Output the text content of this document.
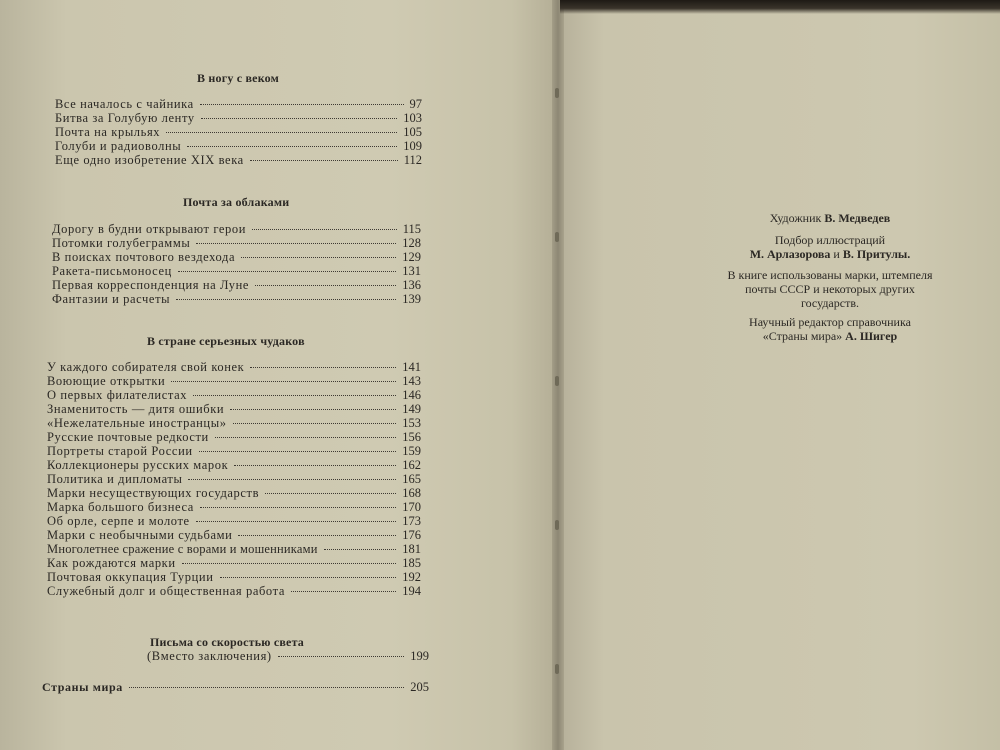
В ногу с веком
Все началось с чайника	97
Битва за Голубую ленту	103
Почта на крыльях	105
Голуби и радиоволны	109
Еще одно изобретение XIX века	112
Почта за облаками
Дорогу в будни открывают герои	115
Потомки голубеграммы	128
В поисках почтового вездехода	129
Ракета-письмоносец	131
Первая корреспонденция на Луне	136
Фантазии и расчеты	139
В стране серьезных чудаков
У каждого собирателя свой конек	141
Воюющие открытки	143
О первых филателистах	146
Знаменитость — дитя ошибки	149
«Нежелательные иностранцы»	153
Русские почтовые редкости	156
Портреты старой России	159
Коллекционеры русских марок	162
Политика и дипломаты	165
Марки несуществующих государств	168
Марка большого бизнеса	170
Об орле, серпе и молоте	173
Марки с необычными судьбами	176
Многолетнее сражение с ворами и мошенниками	181
Как рождаются марки	185
Почтовая оккупация Турции	192
Служебный долг и общественная работа	194
Письма со скоростью света
(Вместо заключения)	199
Страны мира	205
Художник В. Медведев
Подбор иллюстраций
М. Арлазорова и В. Притулы.
В книге использованы марки, штемпеля
почты СССР и некоторых других
государств.
Научный редактор справочника
«Страны мира» А. Шигер
